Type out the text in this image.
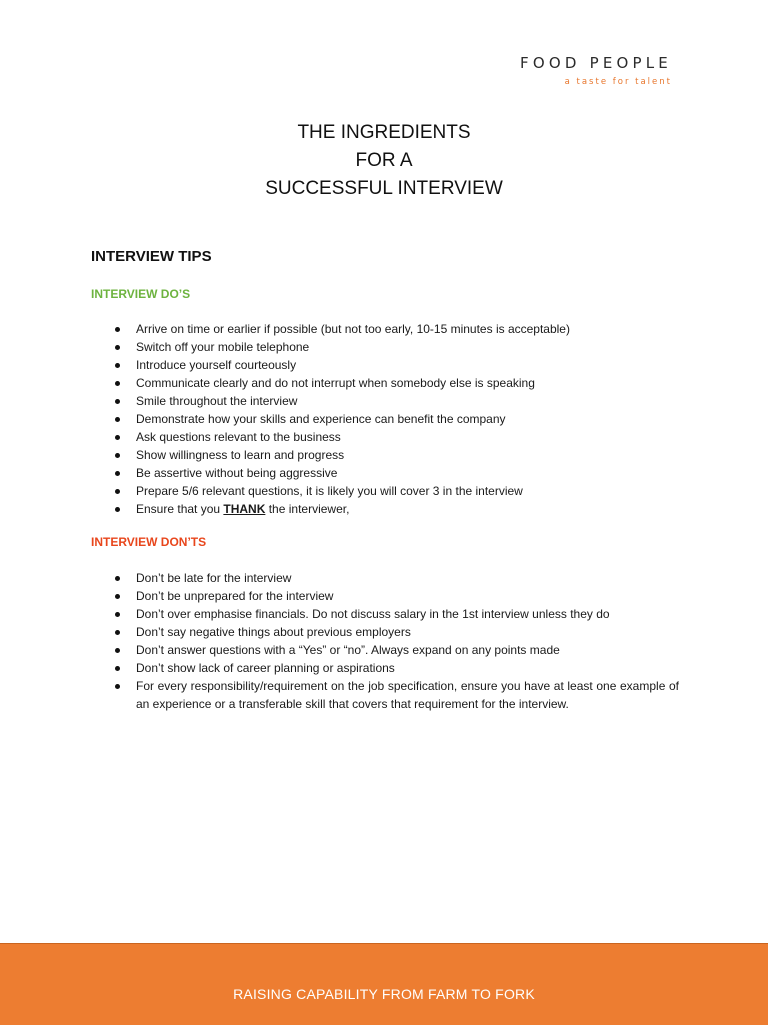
FOOD PEOPLE
a taste for talent
THE INGREDIENTS
FOR A
SUCCESSFUL INTERVIEW
INTERVIEW TIPS
INTERVIEW DO’S
Arrive on time or earlier if possible (but not too early, 10-15 minutes is acceptable)
Switch off your mobile telephone
Introduce yourself courteously
Communicate clearly and do not interrupt when somebody else is speaking
Smile throughout the interview
Demonstrate how your skills and experience can benefit the company
Ask questions relevant to the business
Show willingness to learn and progress
Be assertive without being aggressive
Prepare 5/6 relevant questions, it is likely you will cover 3 in the interview
Ensure that you THANK the interviewer,
INTERVIEW DON’TS
Don’t be late for the interview
Don’t be unprepared for the interview
Don’t over emphasise financials. Do not discuss salary in the 1st interview unless they do
Don’t say negative things about previous employers
Don’t answer questions with a “Yes” or “no”. Always expand on any points made
Don’t show lack of career planning or aspirations
For every responsibility/requirement on the job specification, ensure you have at least one example of an experience or a transferable skill that covers that requirement for the interview.
RAISING CAPABILITY FROM FARM TO FORK
